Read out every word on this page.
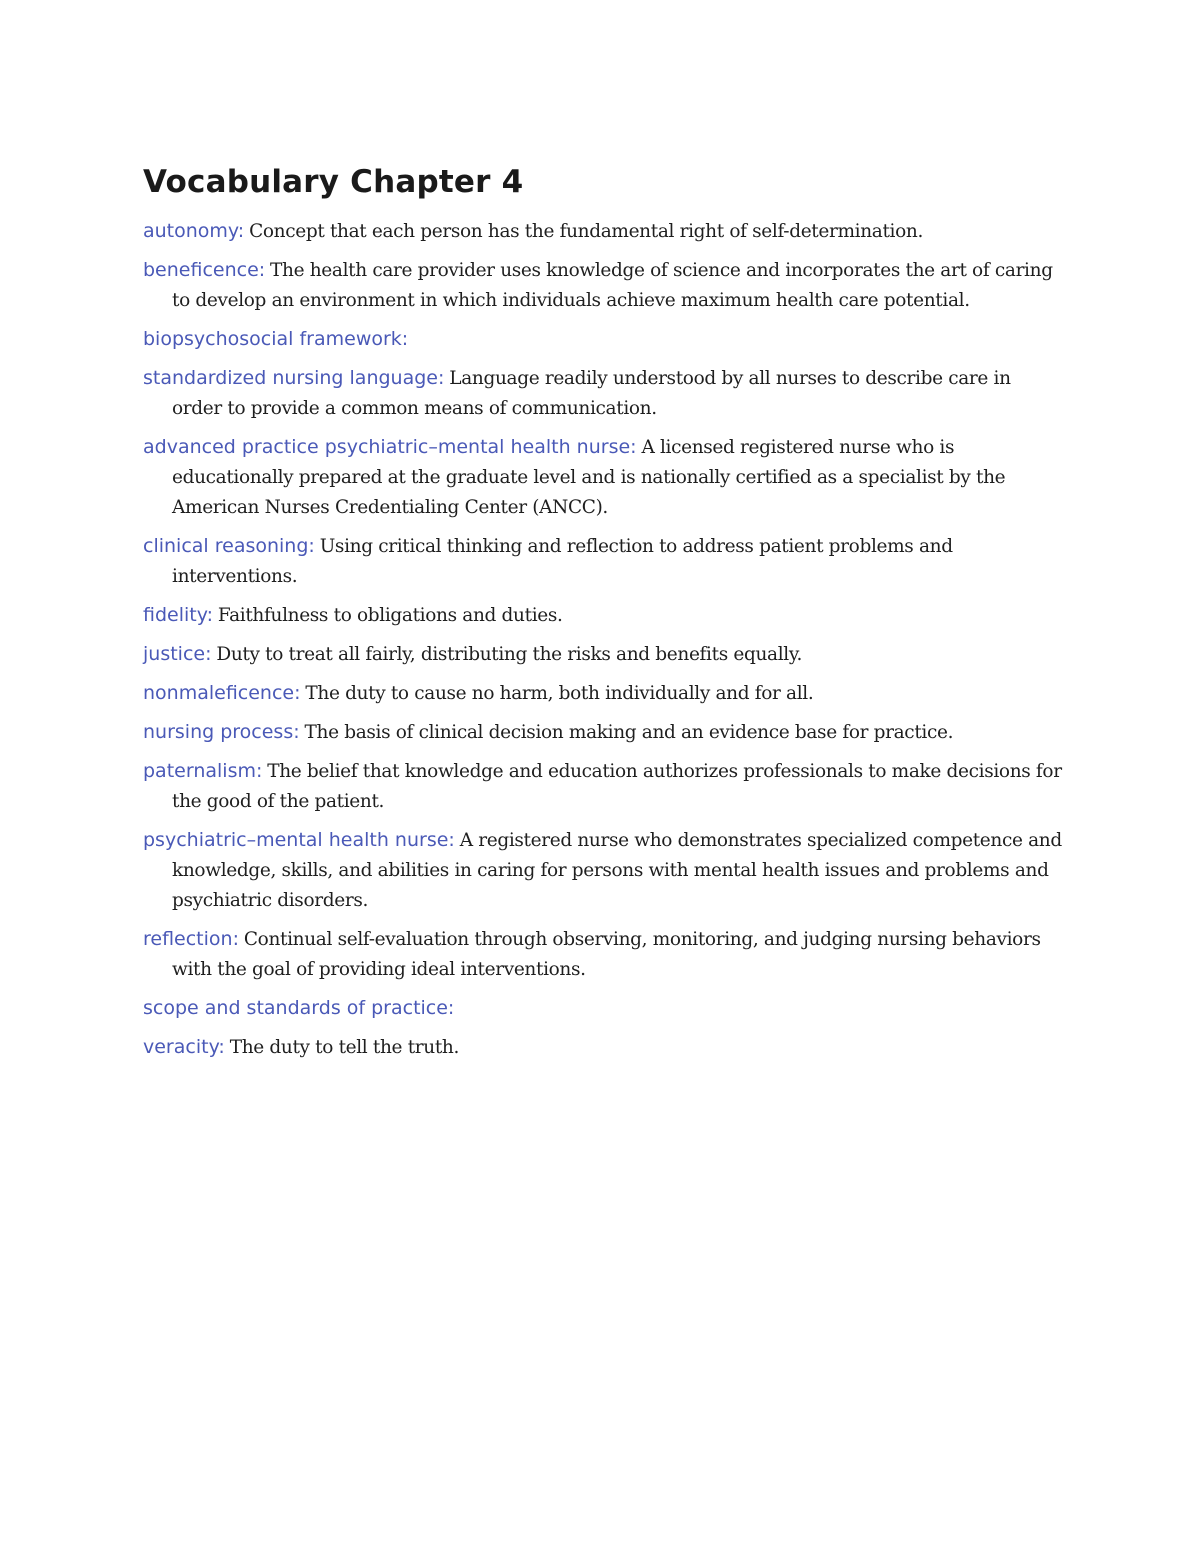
Vocabulary Chapter 4
autonomy: Concept that each person has the fundamental right of self-determination.
beneficence: The health care provider uses knowledge of science and incorporates the art of caring to develop an environment in which individuals achieve maximum health care potential.
biopsychosocial framework:
standardized nursing language: Language readily understood by all nurses to describe care in order to provide a common means of communication.
advanced practice psychiatric–mental health nurse: A licensed registered nurse who is educationally prepared at the graduate level and is nationally certified as a specialist by the American Nurses Credentialing Center (ANCC).
clinical reasoning: Using critical thinking and reflection to address patient problems and interventions.
fidelity: Faithfulness to obligations and duties.
justice: Duty to treat all fairly, distributing the risks and benefits equally.
nonmaleficence: The duty to cause no harm, both individually and for all.
nursing process: The basis of clinical decision making and an evidence base for practice.
paternalism: The belief that knowledge and education authorizes professionals to make decisions for the good of the patient.
psychiatric–mental health nurse: A registered nurse who demonstrates specialized competence and knowledge, skills, and abilities in caring for persons with mental health issues and problems and psychiatric disorders.
reflection: Continual self-evaluation through observing, monitoring, and judging nursing behaviors with the goal of providing ideal interventions.
scope and standards of practice:
veracity: The duty to tell the truth.
